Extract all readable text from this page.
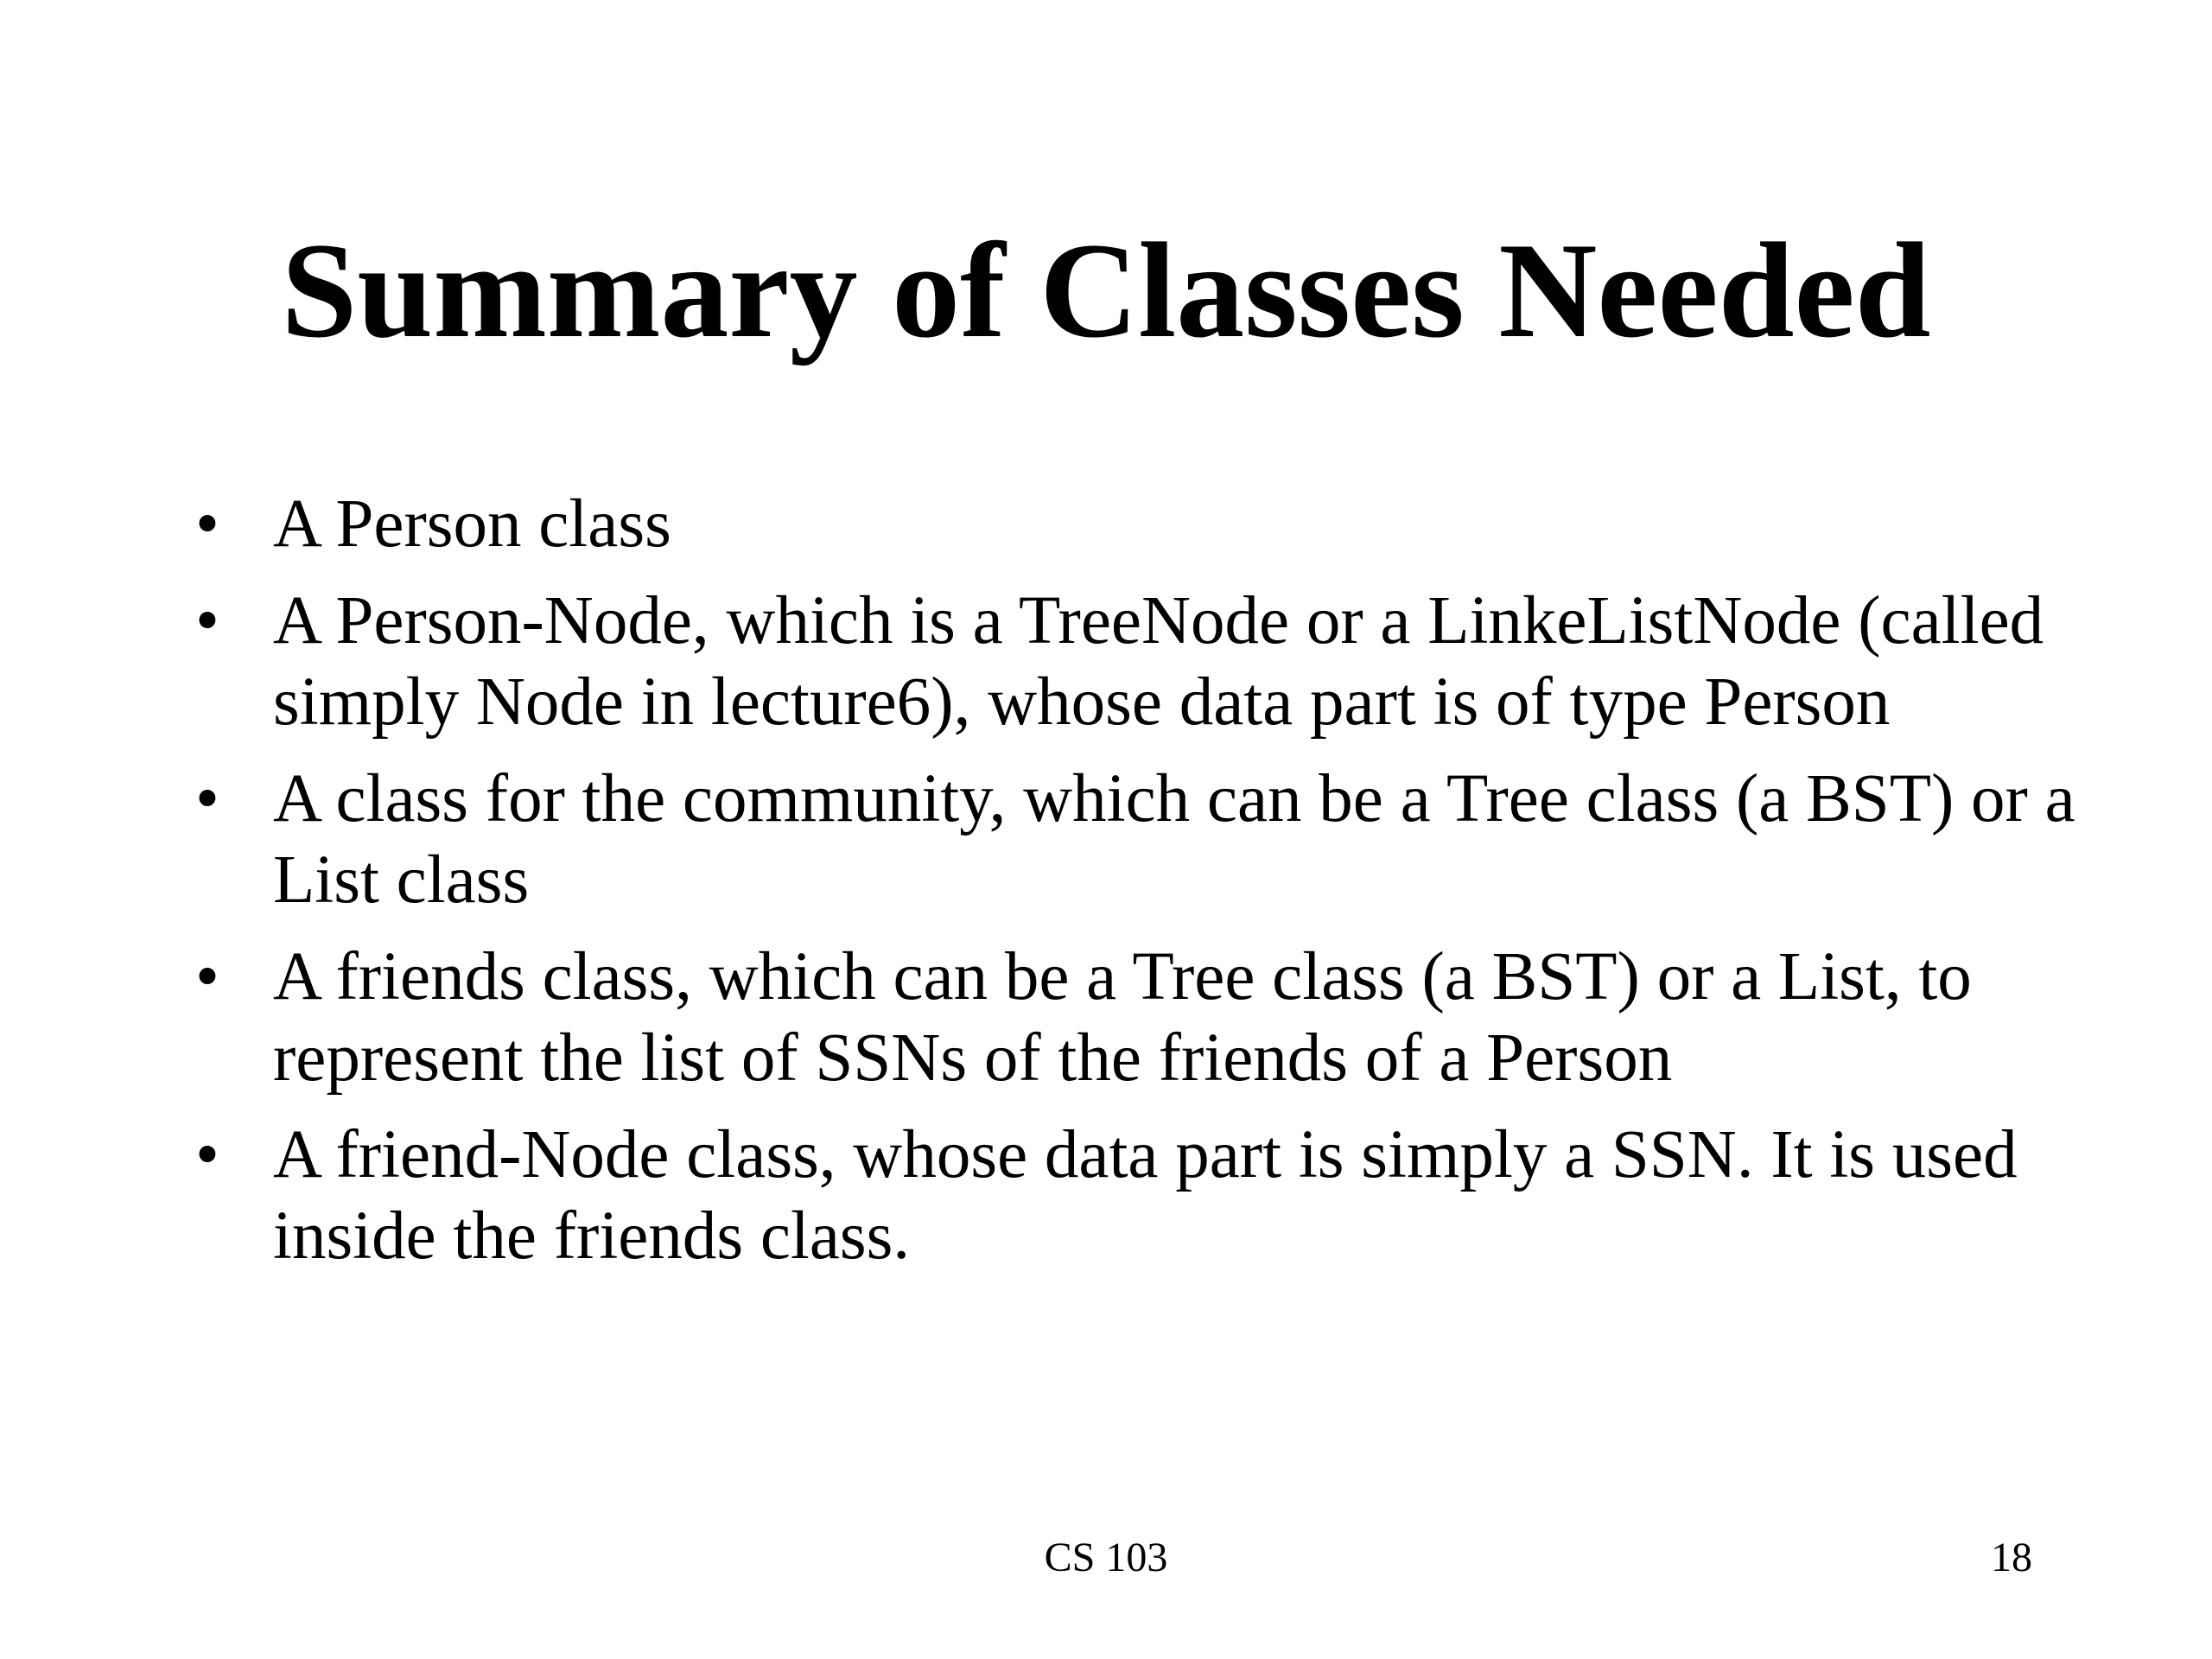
Summary of Classes Needed
• A Person class
• A Person-Node, which is a TreeNode or a LinkeListNode (called simply Node in lecture6), whose data part is of type Person
• A class for the community, which can be a Tree class (a BST) or a List class
• A friends class, which can be a Tree class (a BST) or a List, to represent the list of SSNs of the friends of a Person
• A friend-Node class, whose data part is simply a SSN. It is used inside the friends class.
CS 103	18
